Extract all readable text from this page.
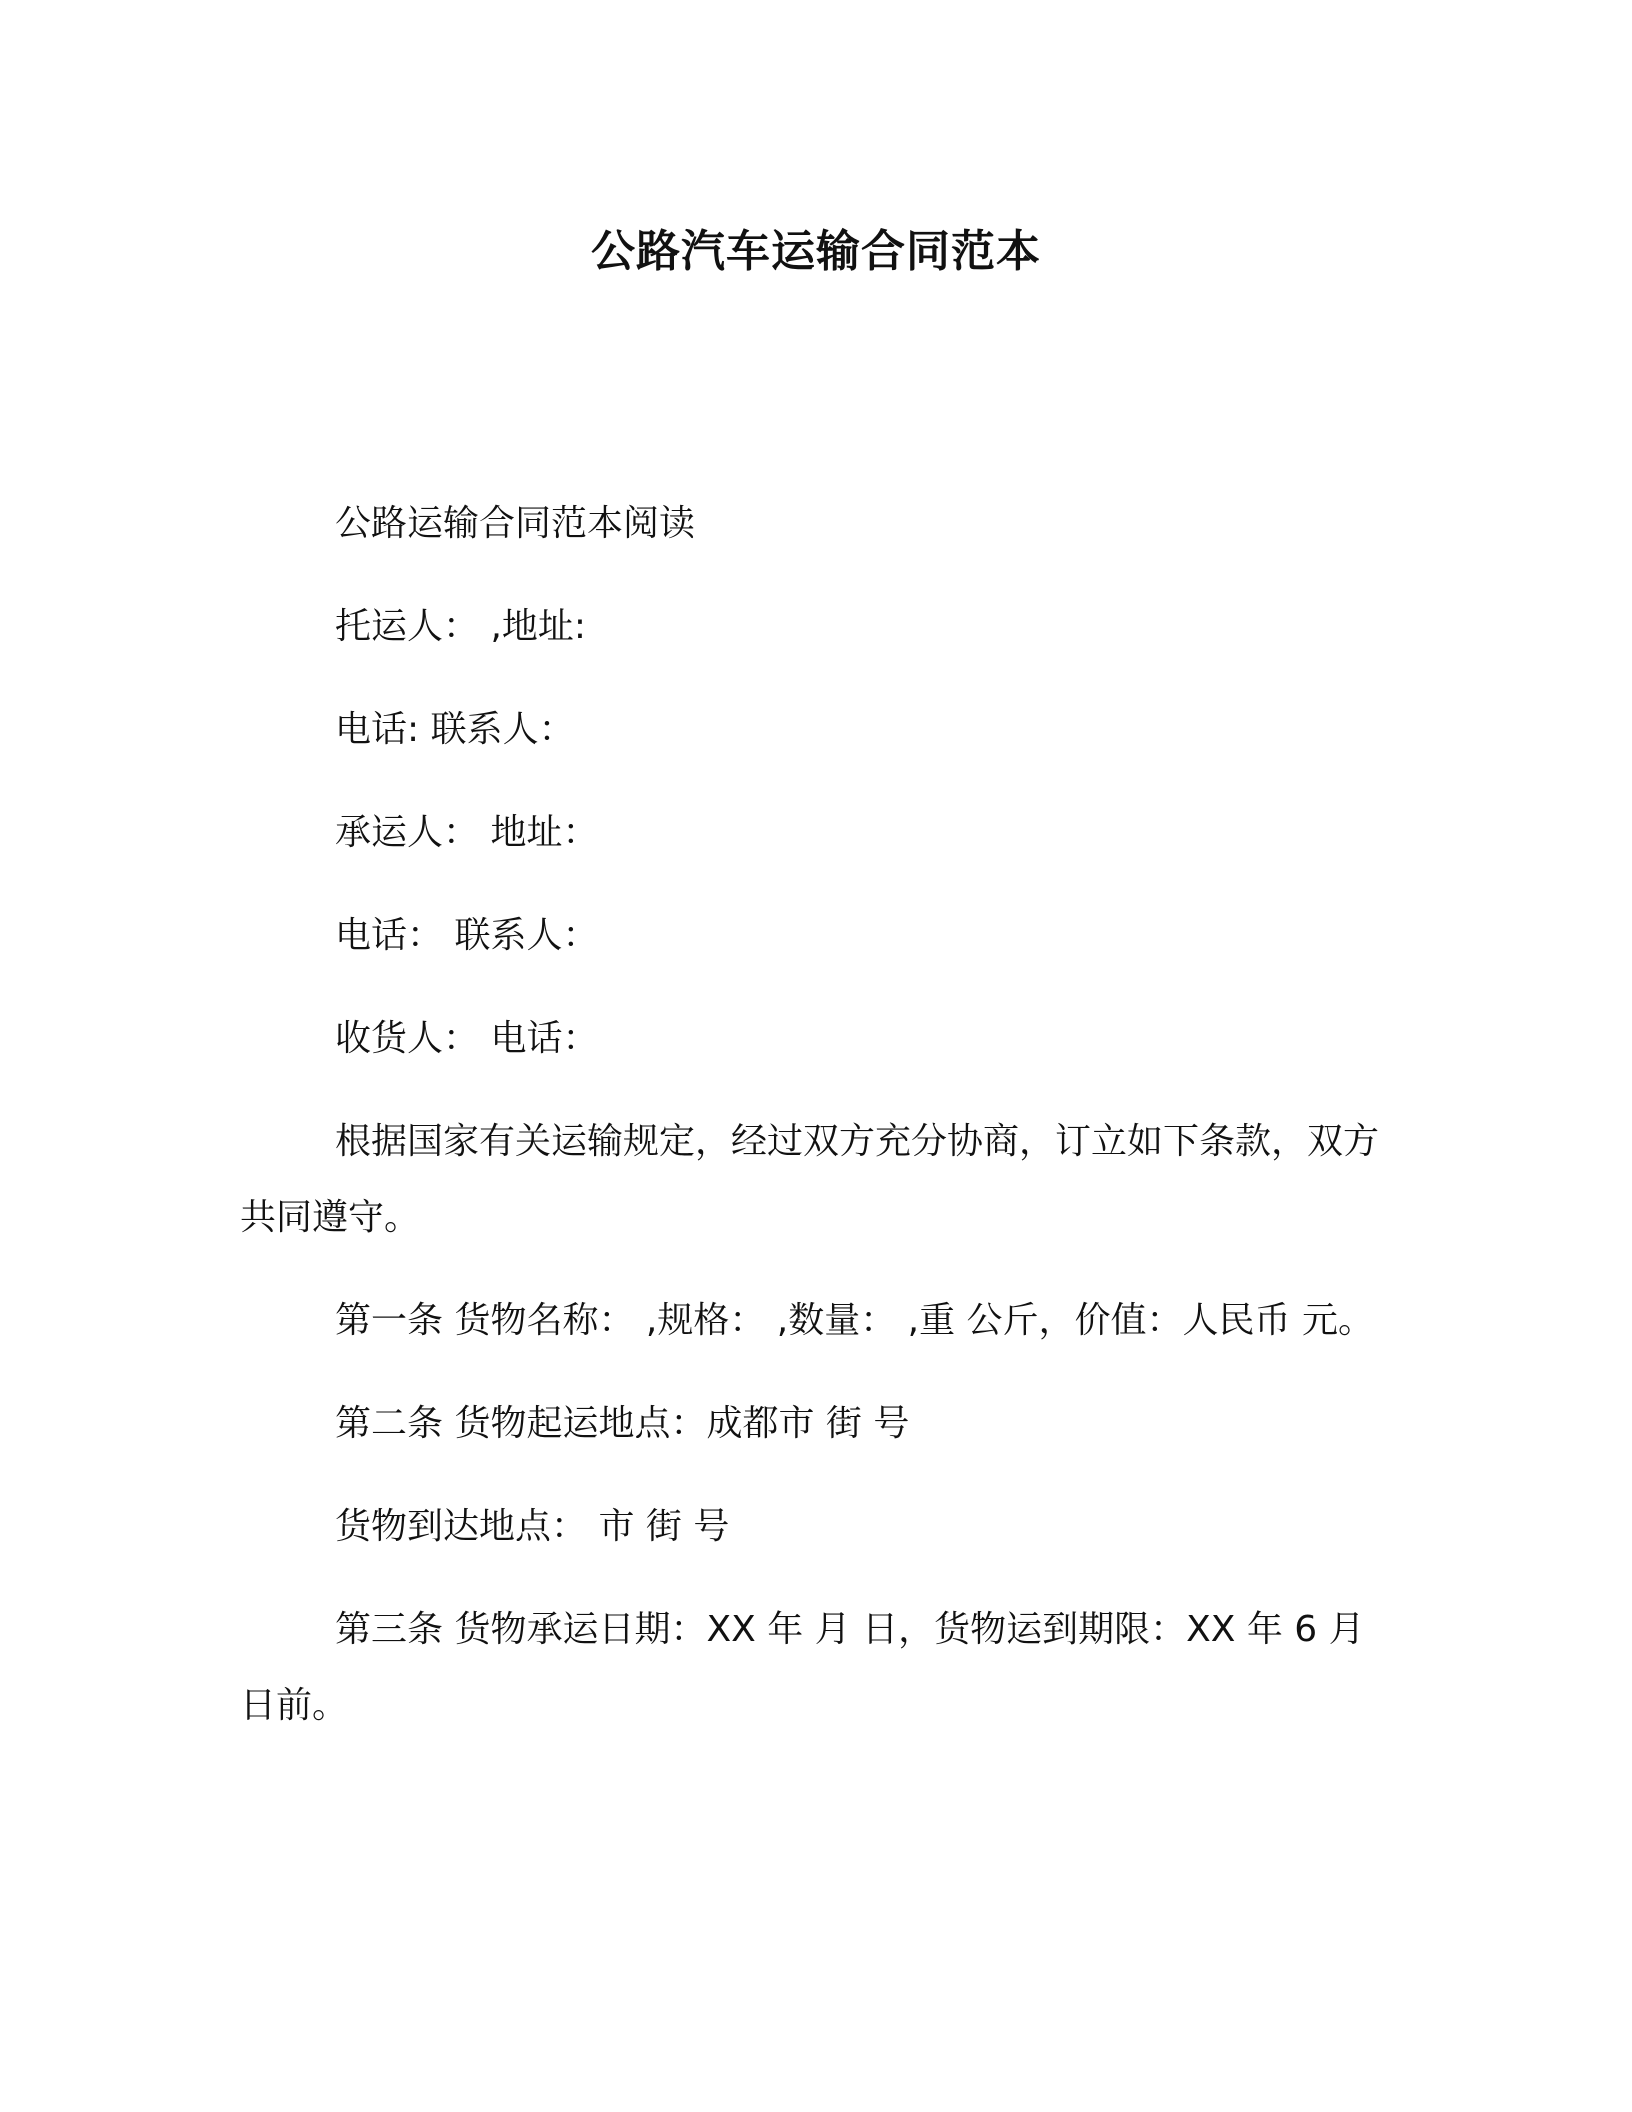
公路汽车运输合同范本

公路运输合同范本阅读

托运人： ,地址:

电话: 联系人：

承运人： 地址：

电话： 联系人：

收货人： 电话：

根据国家有关运输规定，经过双方充分协商，订立如下条款，双方共同遵守。

第一条 货物名称： ,规格： ,数量： ,重 公斤，价值：人民币 元。

第二条 货物起运地点：成都市 街 号

货物到达地点： 市 街 号

第三条 货物承运日期：XX 年 月 日，货物运到期限：XX 年 6 月日前。
